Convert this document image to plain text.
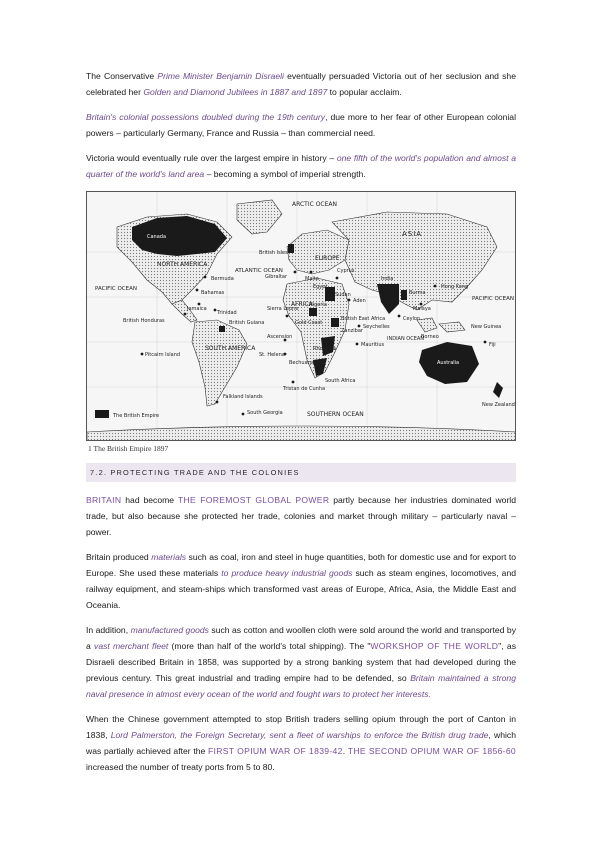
The Conservative Prime Minister Benjamin Disraeli eventually persuaded Victoria out of her seclusion and she celebrated her Golden and Diamond Jubilees in 1887 and 1897 to popular acclaim.

Britain's colonial possessions doubled during the 19th century, due more to her fear of other European colonial powers – particularly Germany, France and Russia – than commercial need.

Victoria would eventually rule over the largest empire in history – one fifth of the world's population and almost a quarter of the world's land area – becoming a symbol of imperial strength.

ARCTIC OCEAN
ASIA
EUROPE
NORTH AMERICA
Canada
PACIFIC OCEAN
PACIFIC OCEAN
ATLANTIC OCEAN
British Isles
Bermuda
Bahamas
Gibraltar	Malta
Cyprus
Egypt
Aden
India
Burma
Hong Kong
Ceylon
Malaya
Borneo
Jamaica
Trinidad
British Honduras	British Guiana
SOUTH AMERICA
AFRICA
Sierra Leone
Gold Coast
Nigeria
Sudan
British East Africa
Zanzibar
Rhodesia
Seychelles
Mauritius
Ascension
St. Helena
Bechuanaland
South Africa
Tristan de Cunha
INDIAN OCEAN
Australia
New Guinea
Fiji
New Zealand
Pitcairn Island
Falkland Islands
South Georgia	SOUTHERN OCEAN
The British Empire
1 The British Empire 1897
7.2. PROTECTING TRADE AND THE COLONIES

BRITAIN had become THE FOREMOST GLOBAL POWER partly because her industries dominated world trade, but also because she protected her trade, colonies and market through military – particularly naval – power.

Britain produced materials such as coal, iron and steel in huge quantities, both for domestic use and for export to Europe. She used these materials to produce heavy industrial goods such as steam engines, locomotives, and railway equipment, and steam-ships which transformed vast areas of Europe, Africa, Asia, the Middle East and Oceania.

In addition, manufactured goods such as cotton and woollen cloth were sold around the world and transported by a vast merchant fleet (more than half of the world's total shipping). The "WORKSHOP OF THE WORLD", as Disraeli described Britain in 1858, was supported by a strong banking system that had developed during the previous century. This great industrial and trading empire had to be defended, so Britain maintained a strong naval presence in almost every ocean of the world and fought wars to protect her interests.

When the Chinese government attempted to stop British traders selling opium through the port of Canton in 1838, Lord Palmerston, the Foreign Secretary, sent a fleet of warships to enforce the British drug trade, which was partially achieved after the FIRST OPIUM WAR OF 1839-42. THE SECOND OPIUM WAR OF 1856-60 increased the number of treaty ports from 5 to 80.
